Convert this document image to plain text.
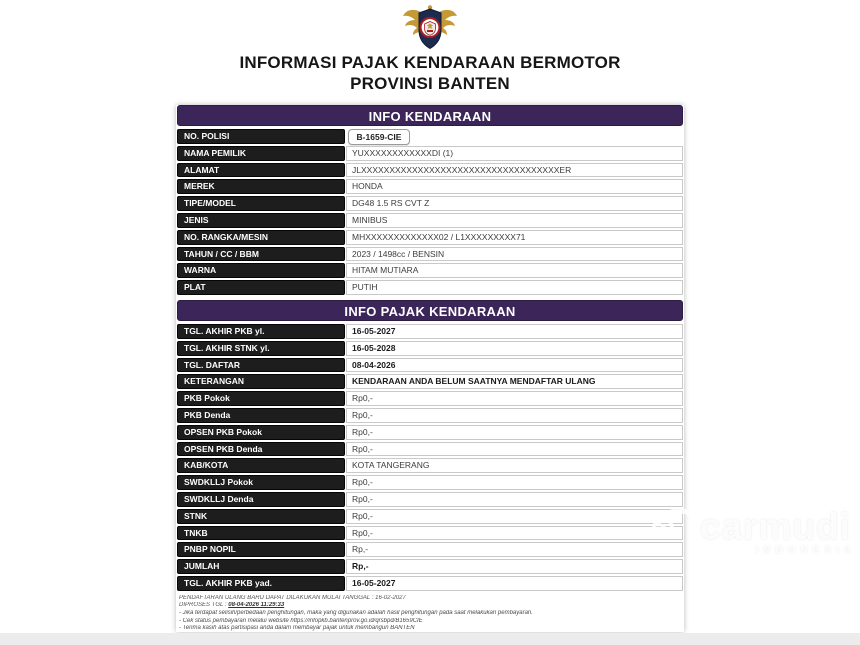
INFORMASI PAJAK KENDARAAN BERMOTOR
PROVINSI BANTEN
INFO KENDARAAN
NO. POLISI	B-1659-CIE
NAMA PEMILIK	YUXXXXXXXXXXXXDI (1)
ALAMAT	JLXXXXXXXXXXXXXXXXXXXXXXXXXXXXXXXXXXXER
MEREK	HONDA
TIPE/MODEL	DG48 1.5 RS CVT Z
JENIS	MINIBUS
NO. RANGKA/MESIN	MHXXXXXXXXXXXXX02 / L1XXXXXXXXX71
TAHUN / CC / BBM	2023 / 1498cc / BENSIN
WARNA	HITAM MUTIARA
PLAT	PUTIH
INFO PAJAK KENDARAAN
TGL. AKHIR PKB yl.	16-05-2027
TGL. AKHIR STNK yl.	16-05-2028
TGL. DAFTAR	08-04-2026
KETERANGAN	KENDARAAN ANDA BELUM SAATNYA MENDAFTAR ULANG
PKB Pokok	Rp0,-
PKB Denda	Rp0,-
OPSEN PKB Pokok	Rp0,-
OPSEN PKB Denda	Rp0,-
KAB/KOTA	KOTA TANGERANG
SWDKLLJ Pokok	Rp0,-
SWDKLLJ Denda	Rp0,-
STNK	Rp0,-
TNKB	Rp0,-
PNBP NOPIL	Rp,-
JUMLAH	Rp,-
TGL. AKHIR PKB yad.	16-05-2027
PENDAFTARAN ULANG BARU DAPAT DILAKUKAN MULAI TANGGAL : 16-02-2027
DIPROSES TGL : 08-04-2026 11:29:33
- Jika terdapat selisih/perbedaan penghitungan, maka yang digunakan adalah hasil penghitungan pada saat melakukan pembayaran.
- Cek status pembayaran melalui website https://infopkb.bantenprov.go.id/qrsbpd/B1659CIE
- Terima kasih atas partisipasi anda dalam membayar pajak untuk membangun BANTEN
carmudi
INDONESIA
